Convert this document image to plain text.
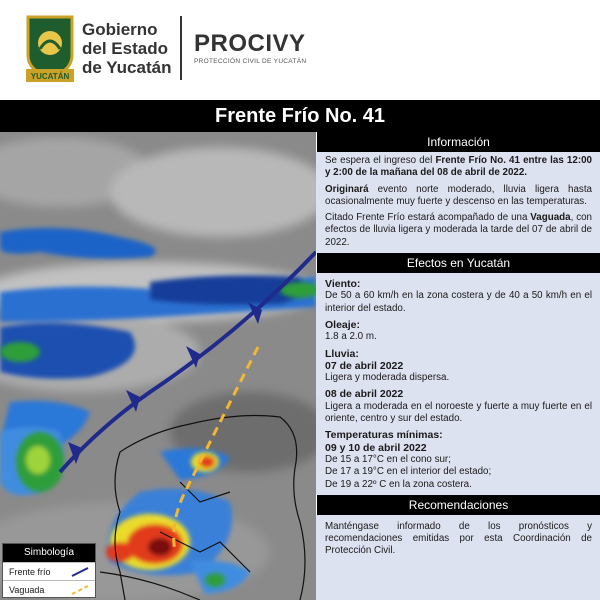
YUCATÁN
Gobierno
del Estado
de Yucatán
PROCIVY
PROTECCIÓN CIVIL DE YUCATÁN
Frente Frío No. 41
Simbología
Frente frío
Vaguada
Información

Se espera el ingreso del Frente Frío No. 41 entre las 12:00 y 2:00 de la mañana del 08 de abril de 2022.

Originará evento norte moderado, lluvia ligera hasta ocasionalmente muy fuerte y descenso en las temperaturas.

Citado Frente Frío estará acompañado de una Vaguada, con efectos de lluvia ligera y moderada la tarde del 07 de abril de 2022.

Efectos en Yucatán
Viento:
De 50 a 60 km/h en la zona costera y de 40 a 50 km/h en el interior del estado.
Oleaje:
1.8 a 2.0 m.
Lluvia:
07 de abril 2022
Ligera y moderada dispersa.
08 de abril 2022
Ligera a moderada en el noroeste y fuerte a muy fuerte en el oriente, centro y sur del estado.
Temperaturas mínimas:
09 y 10 de abril 2022
De 15 a 17°C en el cono sur;
De 17 a 19°C en el interior del estado;
De 19 a 22º C en la zona costera.
Recomendaciones
Manténgase informado de los pronósticos y recomendaciones emitidas por esta Coordinación de Protección Civil.
